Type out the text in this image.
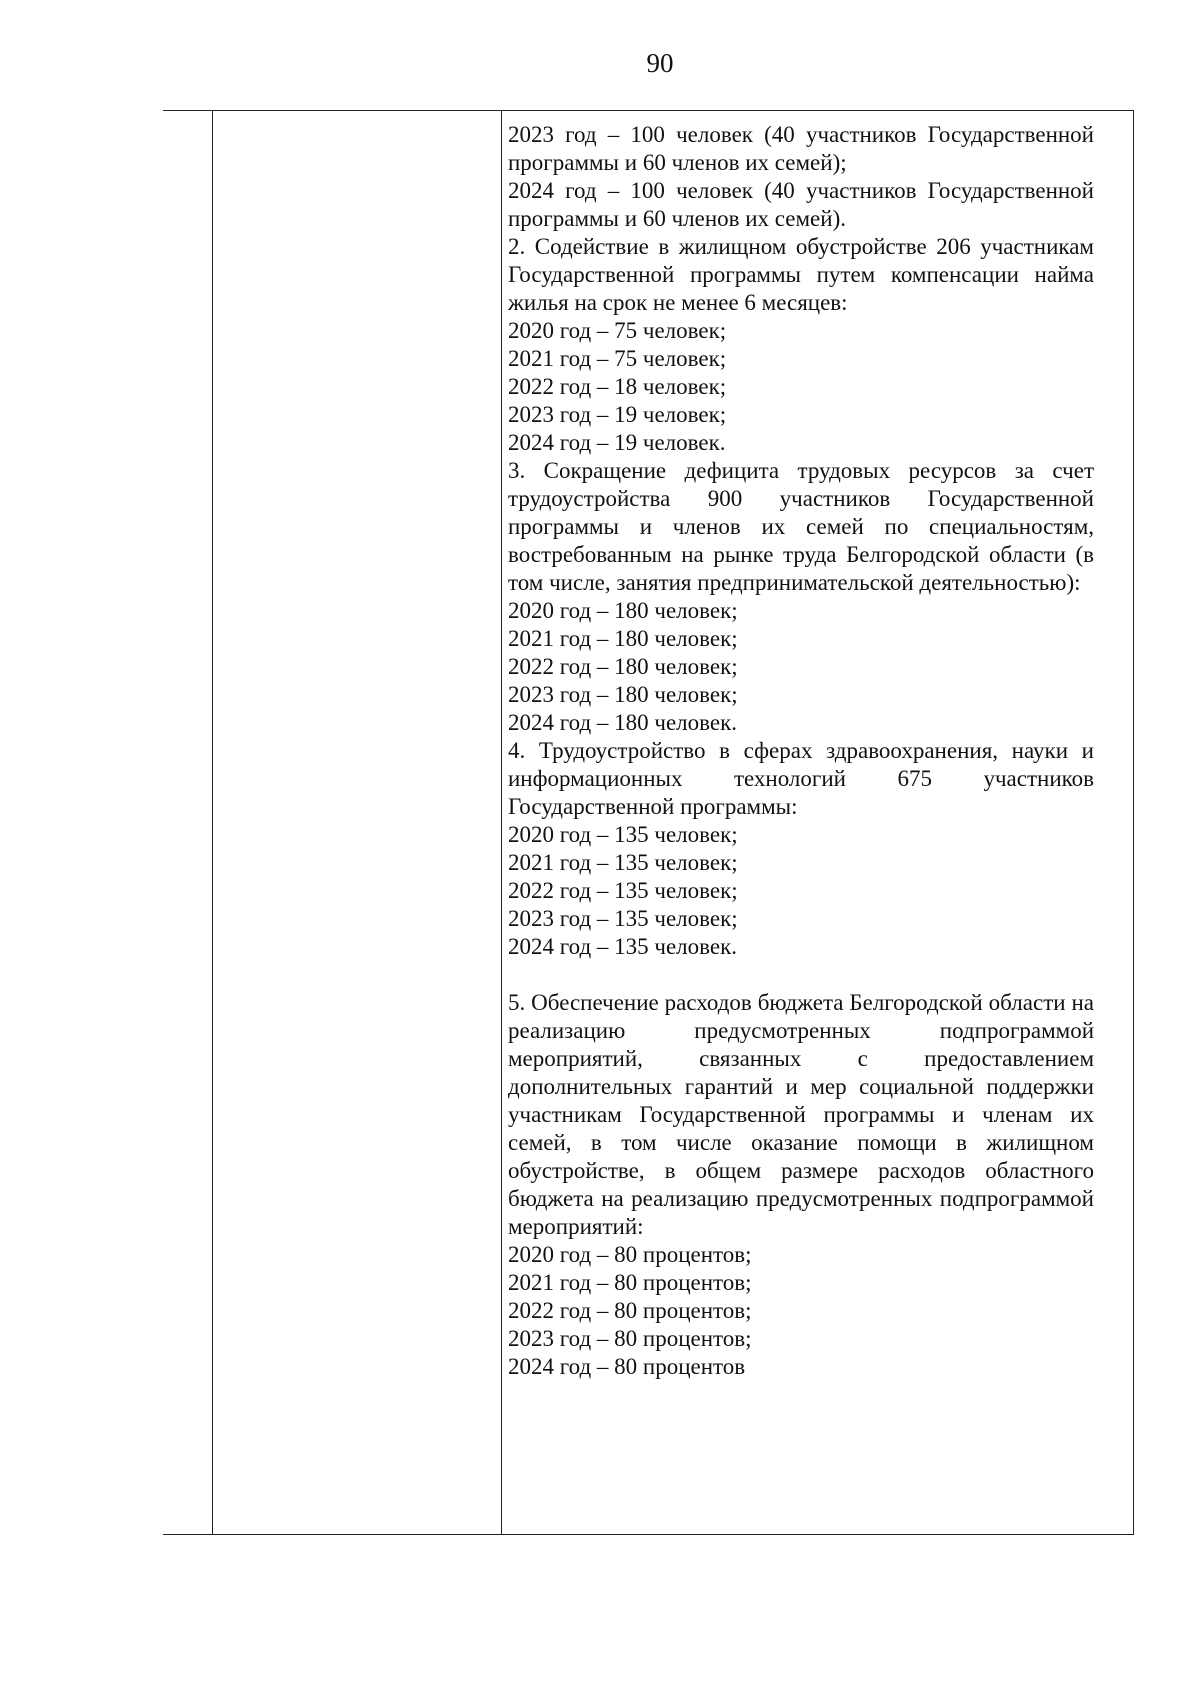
90

2023 год – 100 человек (40 участников Государственной программы и 60 членов их семей);

2024 год – 100 человек (40 участников Государственной программы и 60 членов их семей).

2. Содействие в жилищном обустройстве 206 участникам Государственной программы путем компенсации найма жилья на срок не менее 6 месяцев:

2020 год – 75 человек;

2021 год – 75 человек;

2022 год – 18 человек;

2023 год – 19 человек;

2024 год – 19 человек.

3. Сокращение дефицита трудовых ресурсов за счет трудоустройства 900 участников Государственной программы и членов их семей по специальностям, востребованным на рынке труда Белгородской области (в том числе, занятия предпринимательской деятельностью):

2020 год – 180 человек;

2021 год – 180 человек;

2022 год – 180 человек;

2023 год – 180 человек;

2024 год – 180 человек.

4. Трудоустройство в сферах здравоохранения, науки и информационных технологий 675 участников Государственной программы:

2020 год – 135 человек;

2021 год – 135 человек;

2022 год – 135 человек;

2023 год – 135 человек;

2024 год – 135 человек.

5. Обеспечение расходов бюджета Белгородской области на реализацию предусмотренных подпрограммой мероприятий, связанных с предоставлением дополнительных гарантий и мер социальной поддержки участникам Государственной программы и членам их семей, в том числе оказание помощи в жилищном обустройстве, в общем размере расходов областного бюджета на реализацию предусмотренных подпрограммой мероприятий:

2020 год – 80 процентов;

2021 год – 80 процентов;

2022 год – 80 процентов;

2023 год – 80 процентов;

2024 год – 80 процентов
